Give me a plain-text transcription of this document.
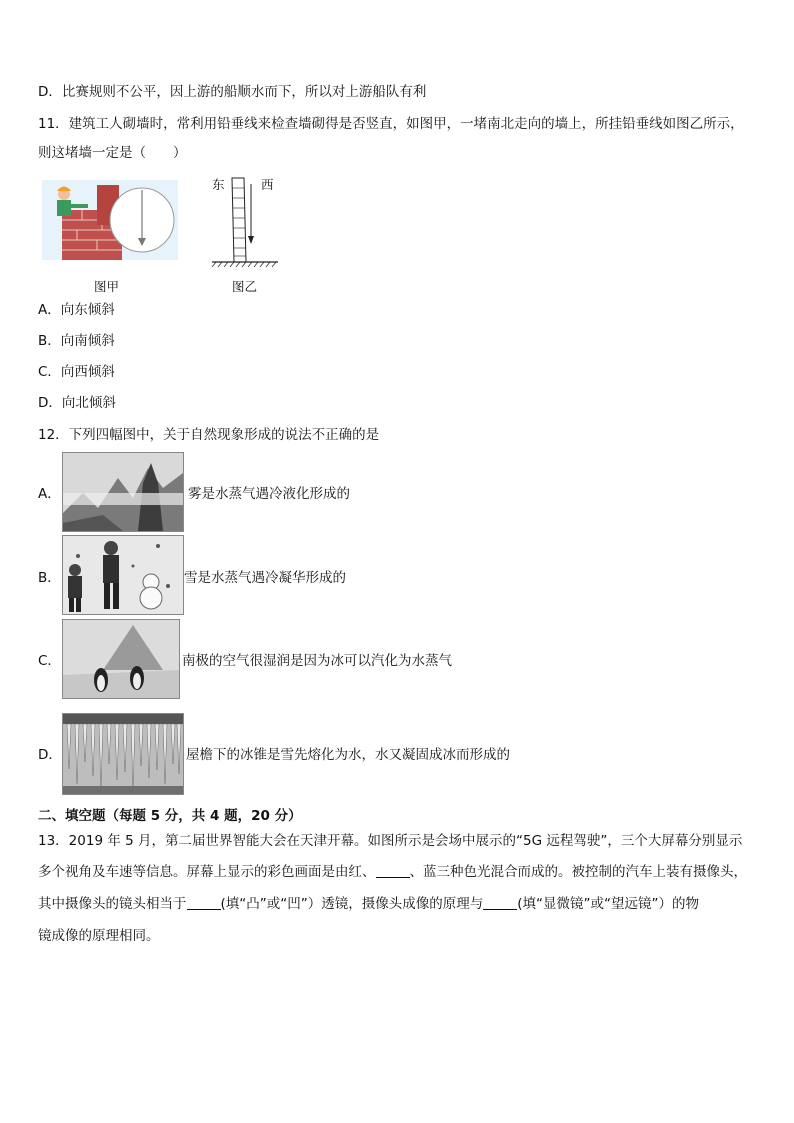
D．比赛规则不公平，因上游的船顺水而下，所以对上游船队有利
11．建筑工人砌墙时，常利用铅垂线来检查墙砌得是否竖直，如图甲，一堵南北走向的墙上，所挂铅垂线如图乙所示，
则这堵墙一定是（　　）
图甲
东	西
图乙
A．向东倾斜
B．向南倾斜
C．向西倾斜
D．向北倾斜
12．下列四幅图中，关于自然现象形成的说法不正确的是
A．	雾是水蒸气遇冷液化形成的
B．	雪是水蒸气遇冷凝华形成的
C．	南极的空气很湿润是因为冰可以汽化为水蒸气
D．	屋檐下的冰锥是雪先熔化为水，水又凝固成冰而形成的
二、填空题（每题 5 分，共 4 题，20 分）
13．2019 年 5 月，第二届世界智能大会在天津开幕。如图所示是会场中展示的“5G 远程驾驶”，三个大屏幕分别显示
多个视角及车速等信息。屏幕上显示的彩色画面是由红、	、蓝三种色光混合而成的。被控制的汽车上装有摄像头，
其中摄像头的镜头相当于	(填“凸”或“凹”）透镜，摄像头成像的原理与	(填“显微镜”或“望远镜”）的物
镜成像的原理相同。
